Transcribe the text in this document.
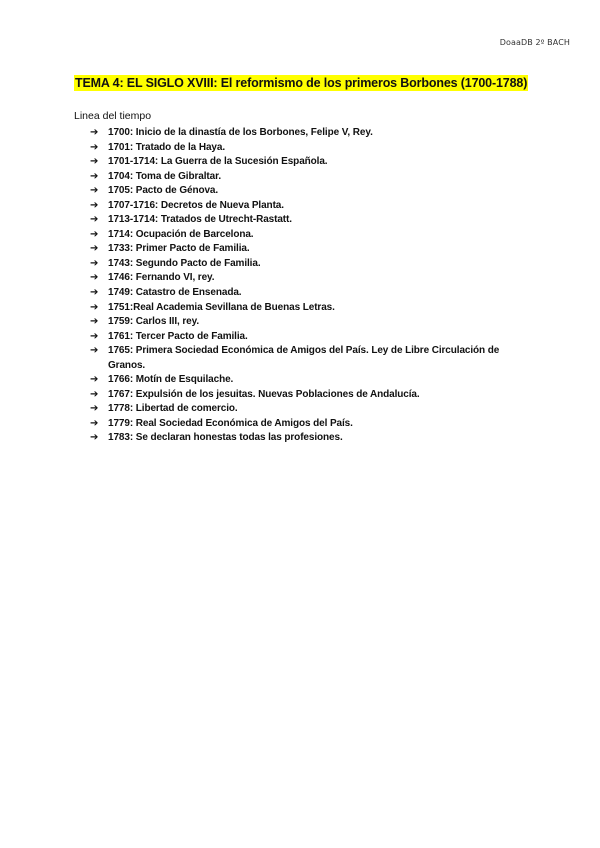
DoaaDB 2º BACH
TEMA 4: EL SIGLO XVIII: El reformismo de los primeros Borbones (1700-1788)
Linea del tiempo
➔ 1700: Inicio de la dinastía de los Borbones, Felipe V, Rey.
➔ 1701: Tratado de la Haya.
➔ 1701-1714: La Guerra de la Sucesión Española.
➔ 1704: Toma de Gibraltar.
➔ 1705: Pacto de Génova.
➔ 1707-1716: Decretos de Nueva Planta.
➔ 1713-1714: Tratados de Utrecht-Rastatt.
➔ 1714: Ocupación de Barcelona.
➔ 1733: Primer Pacto de Familia.
➔ 1743: Segundo Pacto de Familia.
➔ 1746: Fernando VI, rey.
➔ 1749: Catastro de Ensenada.
➔ 1751:Real Academia Sevillana de Buenas Letras.
➔ 1759: Carlos III, rey.
➔ 1761: Tercer Pacto de Familia.
➔ 1765: Primera Sociedad Económica de Amigos del País. Ley de Libre Circulación de Granos.
➔ 1766: Motín de Esquilache.
➔ 1767: Expulsión de los jesuitas. Nuevas Poblaciones de Andalucía.
➔ 1778: Libertad de comercio.
➔ 1779: Real Sociedad Económica de Amigos del País.
➔ 1783: Se declaran honestas todas las profesiones.
